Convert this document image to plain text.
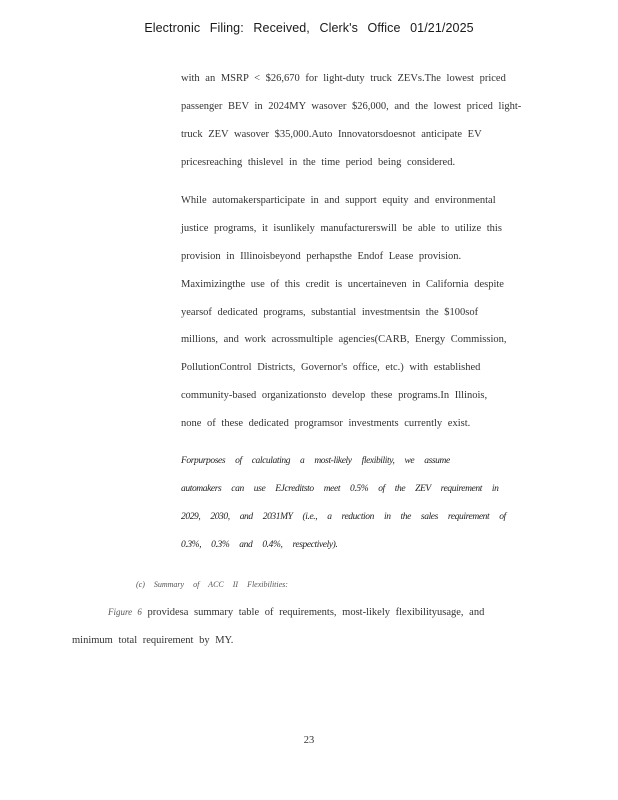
Electronic Filing: Received, Clerk's Office 01/21/2025
with an MSRP < $26,670 for light-duty truck ZEVs.The lowest priced
passenger BEV in 2024MY wasover $26,000, and the lowest priced light-
truck ZEV wasover $35,000.Auto Innovatorsdoesnot anticipate EV
pricesreaching thislevel in the time period being considered.
While automakersparticipate in and support equity and environmental
justice programs, it isunlikely manufacturerswill be able to utilize this
provision in Illinoisbeyond perhapsthe Endof Lease provision.
Maximizingthe use of this credit is uncertaineven in California despite
yearsof dedicated programs, substantial investmentsin the $100sof
millions, and work acrossmultiple agencies(CARB, Energy Commission,
PollutionControl Districts, Governor's office, etc.) with established
community-based organizationsto develop these programs.In Illinois,
none of these dedicated programsor investments currently exist.
Forpurposes of calculating a most-likely flexibility, we assume
automakers can use EJcreditsto meet 0.5% of the ZEV requirement in
2029, 2030, and 2031MY (i.e., a reduction in the sales requirement of
0.3%, 0.3% and 0.4%, respectively).
(c) Summary of ACC II Flexibilities:
Figure 6 providesa summary table of requirements, most-likely flexibilityusage, and
minimum total requirement by MY.
23
